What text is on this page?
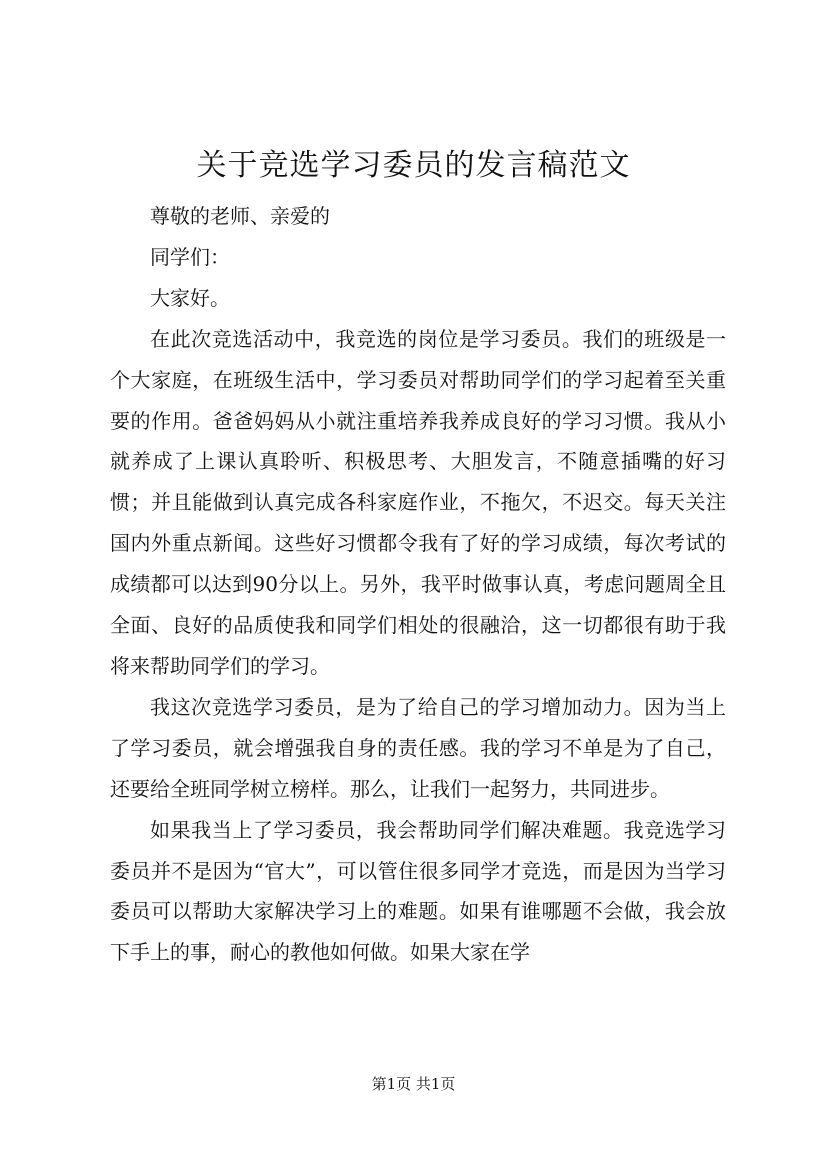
关于竞选学习委员的发言稿范文

尊敬的老师、亲爱的

同学们：

大家好。

在此次竞选活动中，我竞选的岗位是学习委员。我们的班级是一个大家庭，在班级生活中，学习委员对帮助同学们的学习起着至关重要的作用。爸爸妈妈从小就注重培养我养成良好的学习习惯。我从小就养成了上课认真聆听、积极思考、大胆发言，不随意插嘴的好习惯；并且能做到认真完成各科家庭作业，不拖欠，不迟交。每天关注国内外重点新闻。这些好习惯都令我有了好的学习成绩，每次考试的成绩都可以达到90分以上。另外，我平时做事认真，考虑问题周全且全面、良好的品质使我和同学们相处的很融洽，这一切都很有助于我将来帮助同学们的学习。

我这次竞选学习委员，是为了给自己的学习增加动力。因为当上了学习委员，就会增强我自身的责任感。我的学习不单是为了自己，还要给全班同学树立榜样。那么，让我们一起努力，共同进步。

如果我当上了学习委员，我会帮助同学们解决难题。我竞选学习委员并不是因为“官大”，可以管住很多同学才竞选，而是因为当学习委员可以帮助大家解决学习上的难题。如果有谁哪题不会做，我会放下手上的事，耐心的教他如何做。如果大家在学

第1页 共1页
